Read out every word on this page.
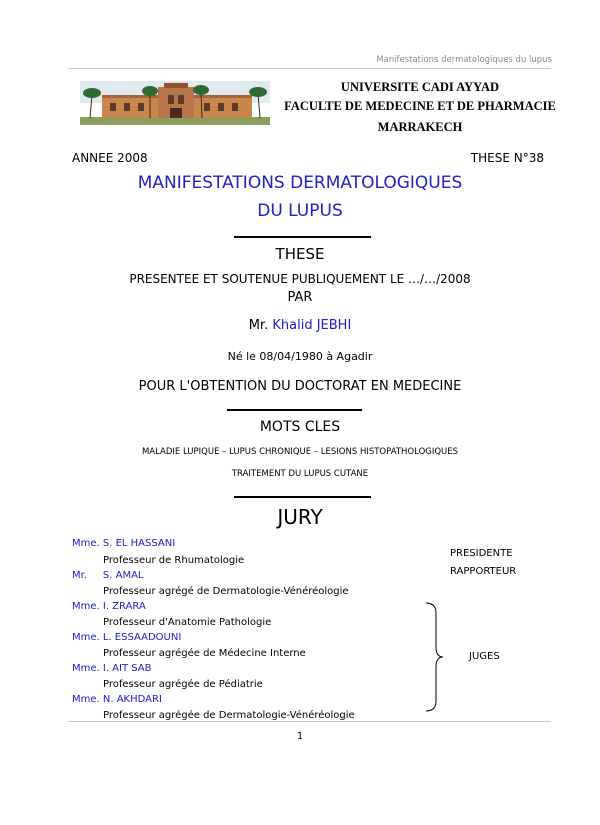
Manifestations dermatologiques du lupus
UNIVERSITE CADI AYYAD
FACULTE DE MEDECINE ET DE PHARMACIE
MARRAKECH
ANNEE 2008	THESE N°38
MANIFESTATIONS DERMATOLOGIQUES
DU LUPUS
THESE
PRESENTEE ET SOUTENUE PUBLIQUEMENT LE …/…/2008
PAR
Mr. Khalid JEBHI
Né le 08/04/1980 à Agadir
POUR L'OBTENTION DU DOCTORAT EN MEDECINE
MOTS CLES
MALADIE LUPIQUE – LUPUS CHRONIQUE – LESIONS HISTOPATHOLOGIQUES
TRAITEMENT DU LUPUS CUTANE
JURY
Mme. S. EL HASSANI
Professeur de Rhumatologie
Mr.     S. AMAL
Professeur agrégé de Dermatologie-Vénéréologie
Mme. I. ZRARA
Professeur d'Anatomie Pathologie
Mme. L. ESSAADOUNI
Professeur agrégée de Médecine Interne
Mme. I. AIT SAB
Professeur agrégée de Pédiatrie
Mme. N. AKHDARI
Professeur agrégée de Dermatologie-Vénéréologie
PRESIDENTE
RAPPORTEUR
JUGES
1
